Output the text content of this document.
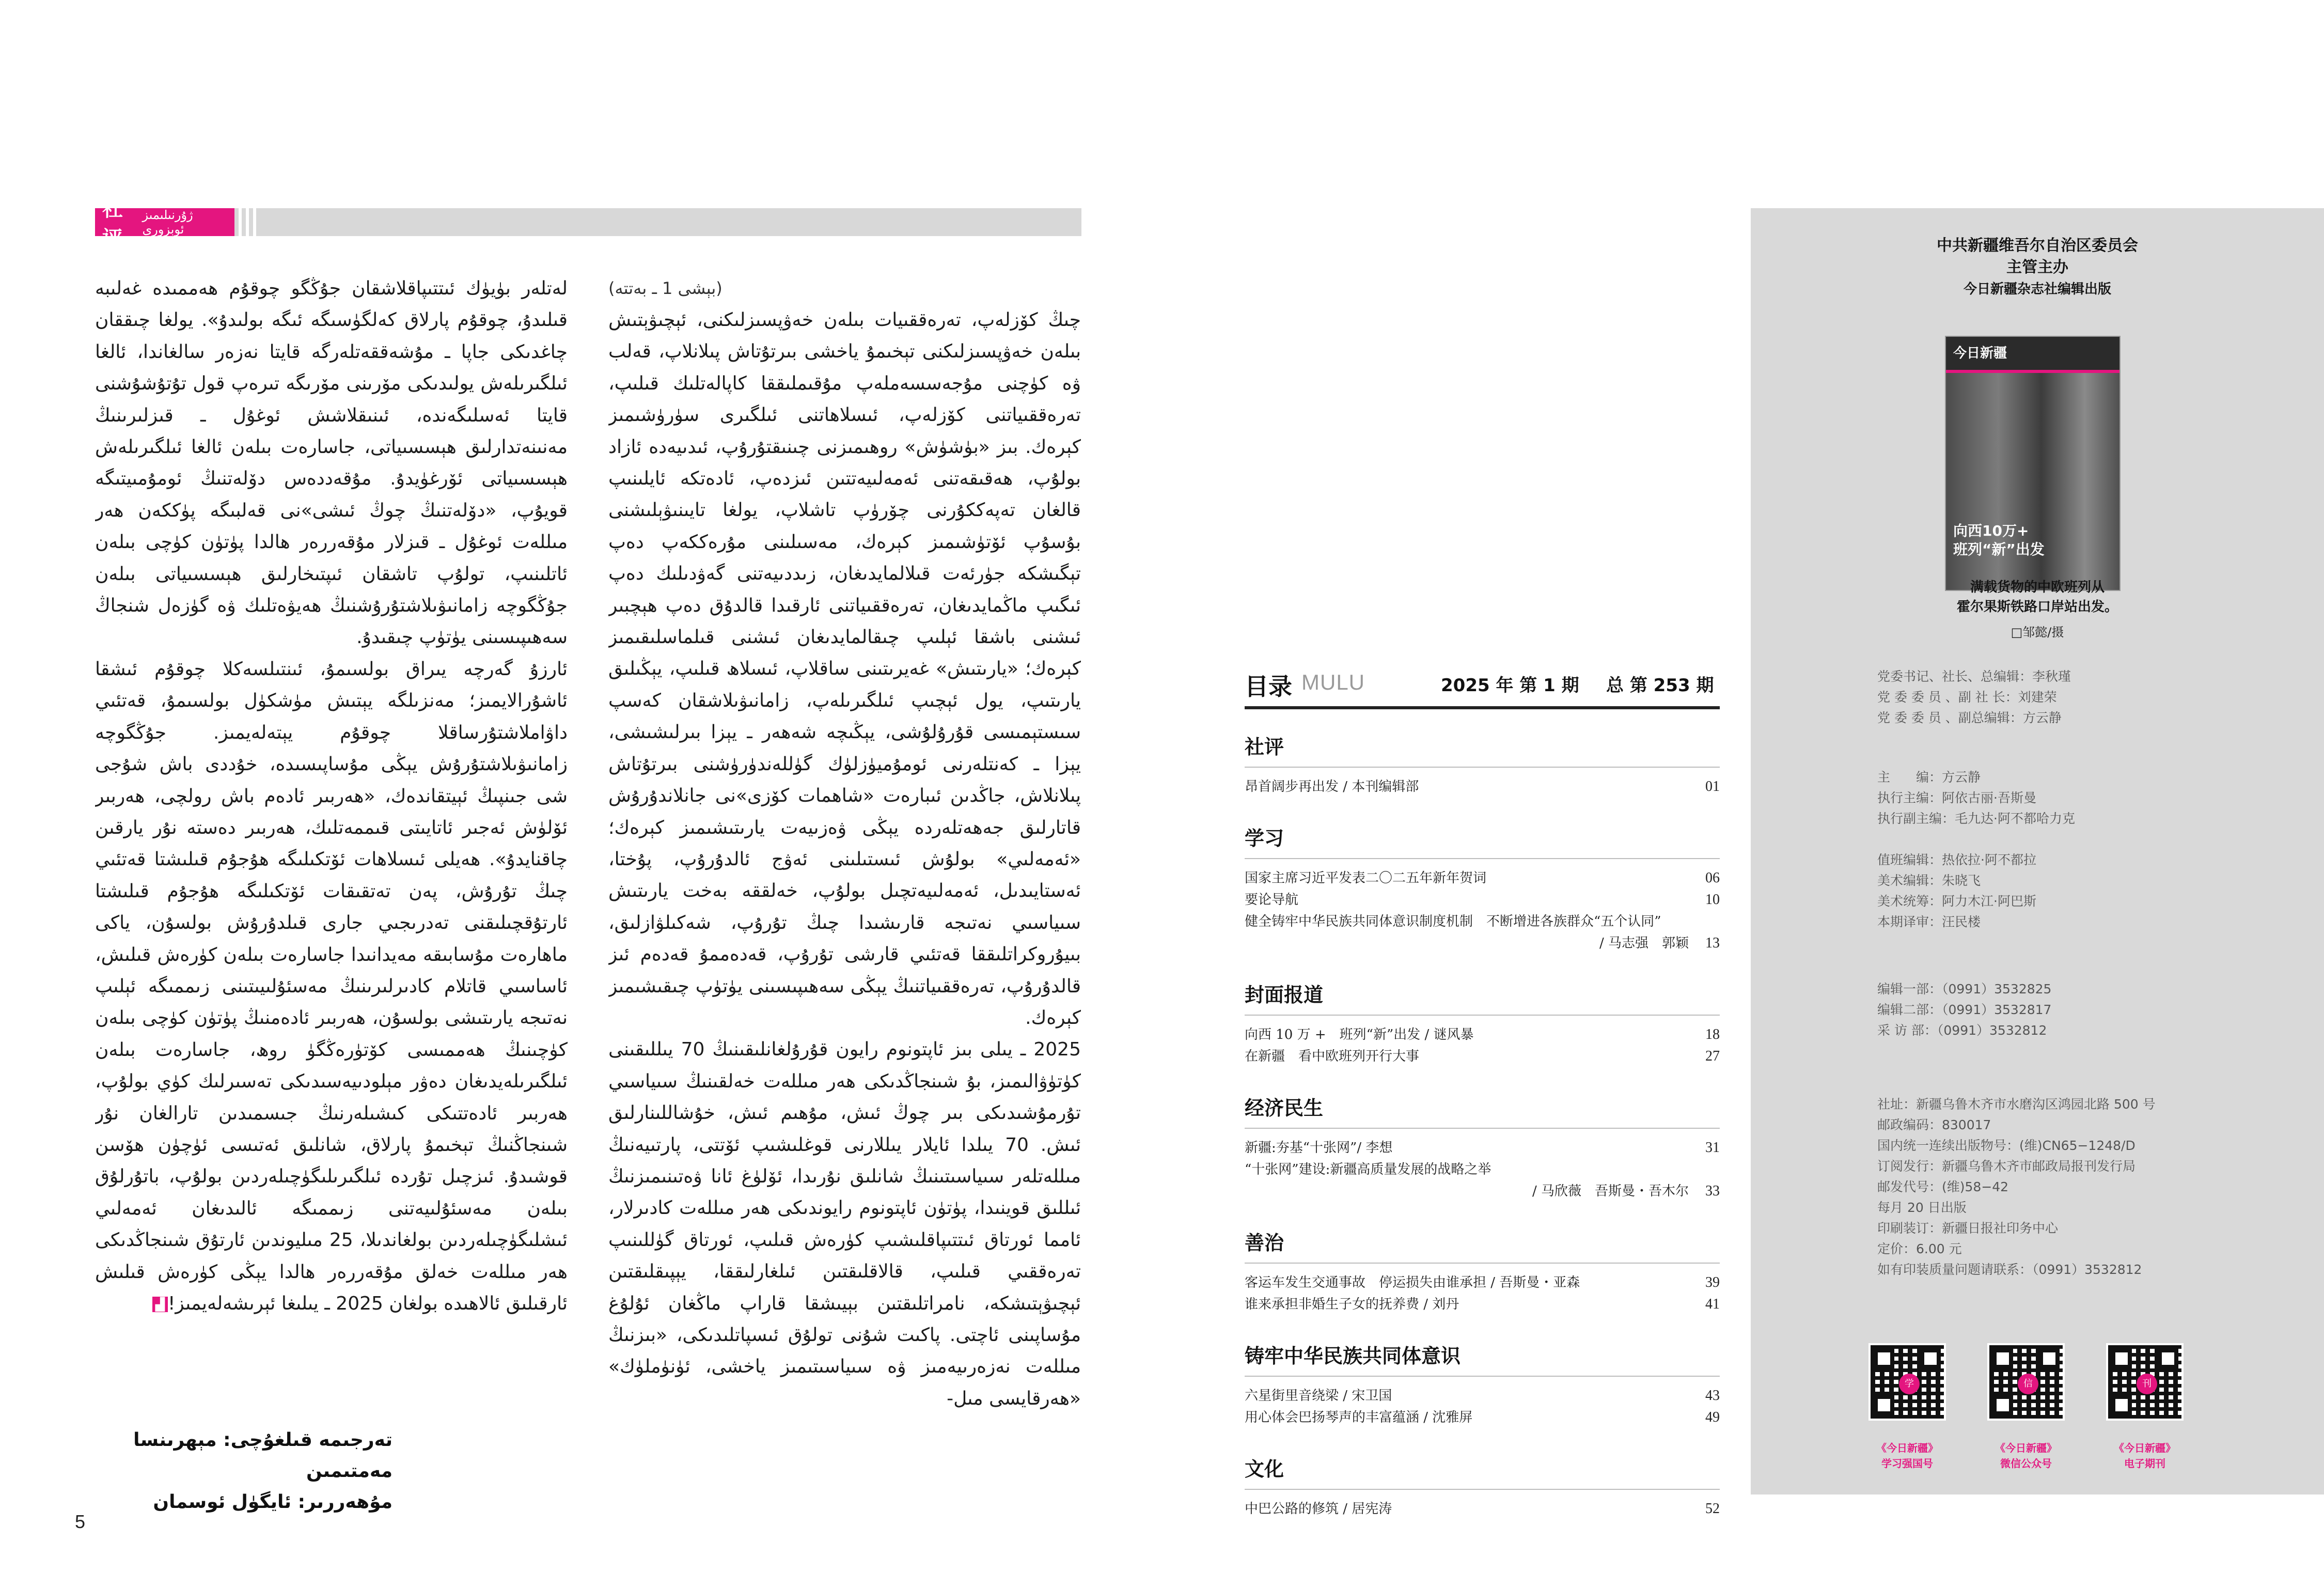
社评
ژۇرنىلىمىز ئوبزورى

لەتلەر بۈيۈك ئىتتىپاقلاشقان جۇڭگو چوقۇم ھەممىدە غەلىبە قىلىدۇ، چوقۇم پارلاق كەلگۈسىگە ئىگە بولىدۇ». يولغا چىققان چاغدىكى جاپا ـ مۇشەققەتلەرگە قايتا نەزەر سالغاندا، ئالغا ئىلگىرىلەش يولىدىكى مۆرىنى مۆرىگە تىرەپ قول تۇتۇشۇشنى قايتا ئەسلىگەندە، ئىنىقلاشش ئوغۇل ـ قىزلىرىنىڭ مەنىنەتدارلىق ھېسسىياتى، جاسارەت بىلەن ئالغا ئىلگىرىلەش ھېسسىياتى ئۆرغۈيدۇ. مۇقەددەس دۆلەتنىڭ ئومۇمىيتىگە قويۇپ، «دۆلەتنىڭ چوڭ ئىشى»نى قەلبىگە پۈككەن ھەر مىللەت ئوغۇل ـ قىزلار مۇقەررەر ھالدا پۈتۈن كۈچى بىلەن ئاتلىنىپ، تولۇپ تاشقان ئىپتىخارلىق ھېسسىياتى بىلەن جۇڭگوچە زامانىۋىلاشتۇرۇشنىڭ ھەيۋەتلىك ۋە گۈزەل شنجاڭ سەھىپىسىنى يۈتۈپ چىقىدۇ.

ئارزۇ گەرچە يىراق بولسىمۇ، ئىنتىلسەكلا چوقۇم ئىشقا ئاشۇرالايمىز؛ مەنزىلگە يېتىش مۈشكۈل بولسىمۇ، قەتئىي داۋاملاشتۇرساقلا چوقۇم يېتەلەيمىز. جۇڭگوچە زامانىۋىلاشتۇرۇش يېڭى مۇساپىسىدە، خۇددى باش شۇجى شى جىنپىڭ ئېيتقاندەك، «ھەربىر ئادەم باش رولچى، ھەربىر ئۆلۈش ئەجىر ئاتايىتى قىممەتلىك، ھەربىر دەستە نۇر يارقىن چاقنايدۇ». ھەيلى ئىسلاھات ئۆتكىلىگە ھۇجۇم قىلىشتا قەتئىي چىڭ تۇرۇش، پەن تەتقىقات ئۆتكىلىگە ھۇجۇم قىلىشتا ئارتۇقچىلىقنى تەدرىجىي جارى قىلدۇرۇش بولسۇن، ياكى ماھارەت مۇسابىقە مەيدانىدا جاسارەت بىلەن كۈرەش قىلىش، ئاساسىي قاتلام كادىرلىرىنىڭ مەسئۇلىيىتىنى زىممىگە ئېلىپ نەتىجە يارىتىشى بولسۇن، ھەربىر ئادەمنىڭ پۈتۈن كۈچى بىلەن كۈچىنىڭ ھەممىسى كۆتۈرەڭگۈ روھ، جاسارەت بىلەن ئىلگىرىلەيدىغان دەۋر مېلودىيەسىدىكى تەسىرلىك كۈي بولۇپ، ھەربىر ئادەتتىكى كىشىلەرنىڭ جىسمىدىن تارالغان نۇر شىنجاڭنىڭ تېخىمۇ پارلاق، شانلىق ئەتىسى ئۈچۈن ھۆسن قوشىدۇ. ئىزچىل تۇردە ئىلگىرىلىگۈچىلەردىن بولۇپ، باتۇرلۇق بىلەن مەسئۇلىيەتنى زىممىگە ئالىدىغان ئەمەلىي ئىشلىگۈچىلەردىن بولغاندىلا، 25 مىليوندىن ئارتۇق شىنجاڭدىكى ھەر مىللەت خەلق مۇقەررەر ھالدا يېڭى كۈرەش قىلىش ئارقىلىق ئالاھىدە بولغان 2025 ـ يىلىغا ئېرىشەلەيمىز!▟

تەرجىمە قىلغۇچى: مېھرىنسا مەمتىمىن
مۇھەررىر: ئايگۈل ئوسمان
(بېشى 1 ـ بەتتە)

چىڭ كۆزلەپ، تەرەققىيات بىلەن خەۋپسىزلىكنى، ئېچىۋېتىش بىلەن خەۋپسىزلىكنى تېخىمۇ ياخشى بىرتۇتاش پىلانلاپ، قەلب ۋە كۈچنى مۇجەسسەملەپ مۇقىملىققا كاپالەتلىك قىلىپ، تەرەققىياتنى كۆزلەپ، ئىسلاھاتنى ئىلگىرى سۈرۈشىمىز كېرەك. بىز «بۈشۈش» روھىمىزنى چىنىقتۇرۇپ، ئىدىيەدە ئازاد بولۇپ، ھەقىقەتنى ئەمەلىيەتتىن ئىزدەپ، ئادەتكە ئايلىنىپ قالغان تەپەككۇرنى چۆرۈپ تاشلاپ، يولغا تايىنىۋېلىشنى بۇسۇپ ئۆتۈشىمىز كېرەك، مەسىلىنى مۇرەككەپ دەپ تېگىشكە جۈرئەت قىلالمايدىغان، زىددىيەتنى گەۋدىلىك دەپ ئىگىپ ماڭمايدىغان، تەرەققىياتنى ئارقىدا قالدۇق دەپ ھېچبىر ئىشنى باشقا ئېلىپ چىقالمايدىغان ئىشنى قىلماسلىقىمىز كېرەك؛ «يارىتىش» غەيرىتىنى ساقلاپ، ئىسلاھ قىلىپ، يېڭىلىق يارىتىپ، يول ئېچىپ ئىلگىرىلەپ، زامانىۋىلاشقان كەسپ سىستېمىسى قۇرۇلۇشى، يېڭىچە شەھەر ـ يېزا بىرلىشىشى، يېزا ـ كەنتلەرنى ئومۇميۈزلۈك گۈللەندۈرۈشنى بىرتۇتاش پىلانلاش، جاڭدىن ئىبارەت «شاھمات كۆزى»نى جانلاندۇرۇش قاتارلىق جەھەتلەردە يېڭى ۋەزىيەت يارىتىشىمىز كېرەك؛ «ئەمەلىي» بولۇش ئىستىلىنى ئەۋج ئالدۇرۇپ، پۇختا، ئەستايىدىل، ئەمەلىيەتچىل بولۇپ، خەلققە بەخت يارىتىش سىياسىي نەتىجە قارىشىدا چىڭ تۇرۇپ، شەكىلۋازلىق، بىيۇروكراتلىققا قەتئىي قارشى تۇرۇپ، قەدەممۇ قەدەم ئىز قالدۇرۇپ، تەرەققىياتنىڭ يېڭى سەھىپىسىنى يۈتۈپ چىقىشىمىز كېرەك.

2025 ـ يىلى بىز ئاپتونوم رايون قۇرۇلغانلىقىنىڭ 70 يىللىقىنى كۈتۈۋالىمىز، بۇ شىنجاڭدىكى ھەر مىللەت خەلقىنىڭ سىياسىي تۇرمۇشىدىكى بىر چوڭ ئىش، مۇھىم ئىش، خۇشاللىنارلىق ئىش. 70 يىلدا ئايلار يىللارنى قوغلىشىپ ئۆتتى، پارتىيەنىڭ مىللەتلەر سىياسىتىنىڭ شانلىق نۇرىدا، ئۆلۈغ ئانا ۋەتىنىمىزنىڭ ئىللىق قوينىدا، پۈتۈن ئاپتونوم رايوندىكى ھەر مىللەت كادىرلار، ئامما ئورتاق ئىتتىپاقلىشىپ كۈرەش قىلىپ، ئورتاق گۈللىنىپ تەرەققىي قىلىپ، قالاقلىقتىن ئىلغارلىققا، يېپىقلىقتىن ئېچىۋېتىشكە، نامراتلىقتىن بېيىشقا قاراپ ماڭغان ئۇلۇغ مۇساپىنى ئاچتى. پاكىت شۇنى تولۇق ئىسپاتلىدىكى، «بىزنىڭ مىللەت نەزەرىيەمىز ۋە سىياسىتىمىز ياخشى، ئۈنۈملۈك» «ھەرقايسى مىل-

5
目录 MULU	2025 年 第 1 期 总 第 253 期
社评
昂首阔步再出发 / 本刊编辑部	01
学习
国家主席习近平发表二〇二五年新年贺词	06
要论导航	10
健全铸牢中华民族共同体意识制度机制　不断增进各族群众“五个认同”
/ 马志强　郭颖 13
封面报道
向西 10 万 +　班列“新”出发 / 谜风暴	18
在新疆　看中欧班列开行大事	27
经济民生
新疆:夯基“十张网”/ 李想	31
“十张网”建设:新疆高质量发展的战略之举
/ 马欣薇　吾斯曼・吾木尔 33
善治
客运车发生交通事故　停运损失由谁承担 / 吾斯曼・亚森	39
谁来承担非婚生子女的抚养费 / 刘丹	41
铸牢中华民族共同体意识
六星街里音绕梁 / 宋卫国	43
用心体会巴扬琴声的丰富蕴涵 / 沈雅屏	49
文化
中巴公路的修筑 / 居宪涛	52
中共新疆维吾尔自治区委员会
主管主办
今日新疆杂志社编辑出版
今日新疆
向西10万+
班列“新”出发
满载货物的中欧班列从
霍尔果斯铁路口岸站出发。
□邹懿/摄
党委书记、社长、总编辑：李秋瑾
党 委 委 员 、副 社 长：刘建荣
党 委 委 员 、副总编辑：方云静
主　　编：方云静
执行主编：阿依古丽·吾斯曼
执行副主编：毛九达·阿不都哈力克
值班编辑：热依拉·阿不都拉
美术编辑：朱晓飞
美术统筹：阿力木江·阿巴斯
本期译审：汪民楼
编辑一部：（0991）3532825
编辑二部：（0991）3532817
采 访 部：（0991）3532812
社址：新疆乌鲁木齐市水磨沟区鸿园北路 500 号
邮政编码：830017
国内统一连续出版物号：(维)CN65−1248/D
订阅发行：新疆乌鲁木齐市邮政局报刊发行局
邮发代号：(维)58−42
每月 20 日出版
印刷装订：新疆日报社印务中心
定价：6.00 元
如有印装质量问题请联系：（0991）3532812
学
《今日新疆》
学习强国号
信
《今日新疆》
微信公众号
刊
《今日新疆》
电子期刊
